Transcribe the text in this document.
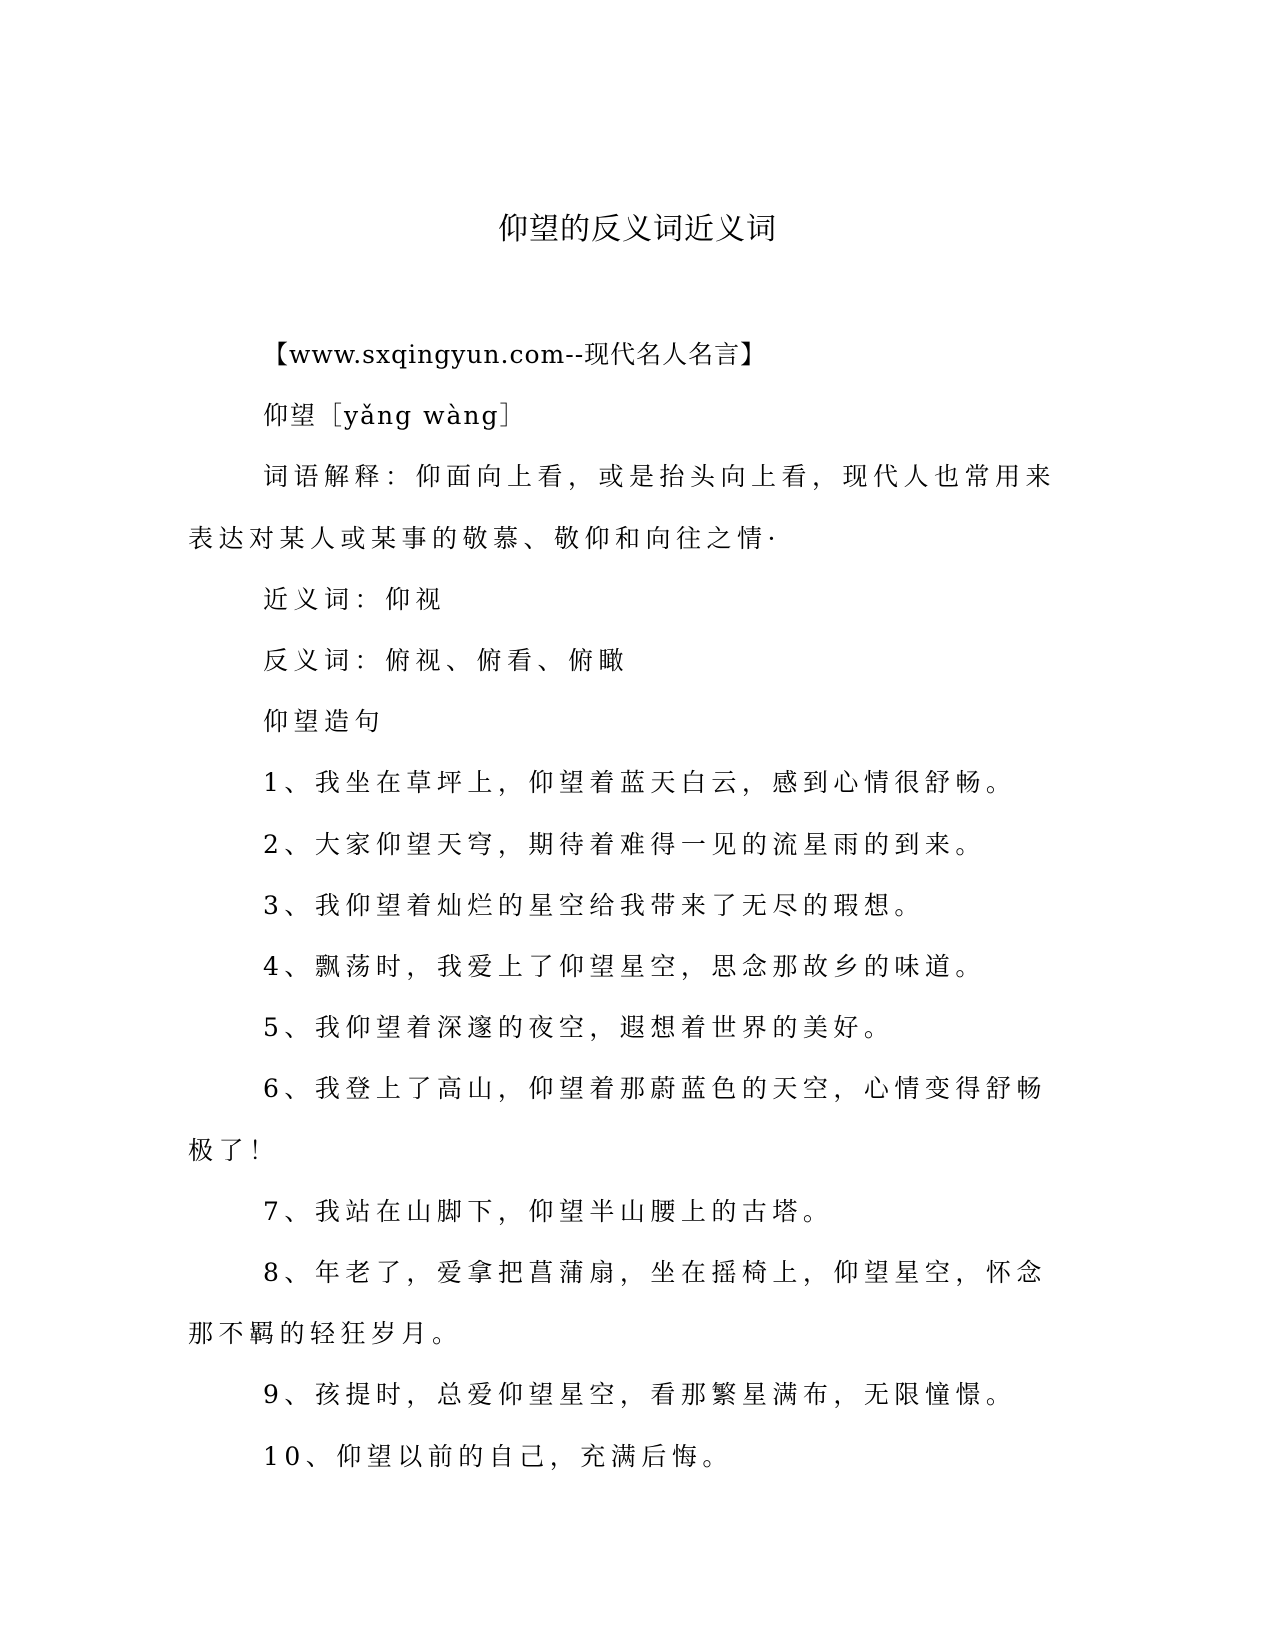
仰望的反义词近义词

【www.sxqingyun.com--现代名人名言】

仰望［yǎng wàng］

词语解释：仰面向上看，或是抬头向上看，现代人也常用来表达对某人或某事的敬慕、敬仰和向往之情·

近义词：仰视

反义词：俯视、俯看、俯瞰

仰望造句

1、我坐在草坪上，仰望着蓝天白云，感到心情很舒畅。

2、大家仰望天穹，期待着难得一见的流星雨的到来。

3、我仰望着灿烂的星空给我带来了无尽的瑕想。

4、飘荡时，我爱上了仰望星空，思念那故乡的味道。

5、我仰望着深邃的夜空，遐想着世界的美好。

6、我登上了高山，仰望着那蔚蓝色的天空，心情变得舒畅极了！

7、我站在山脚下，仰望半山腰上的古塔。

8、年老了，爱拿把菖蒲扇，坐在摇椅上，仰望星空，怀念那不羁的轻狂岁月。

9、孩提时，总爱仰望星空，看那繁星满布，无限憧憬。

10、仰望以前的自己，充满后悔。
